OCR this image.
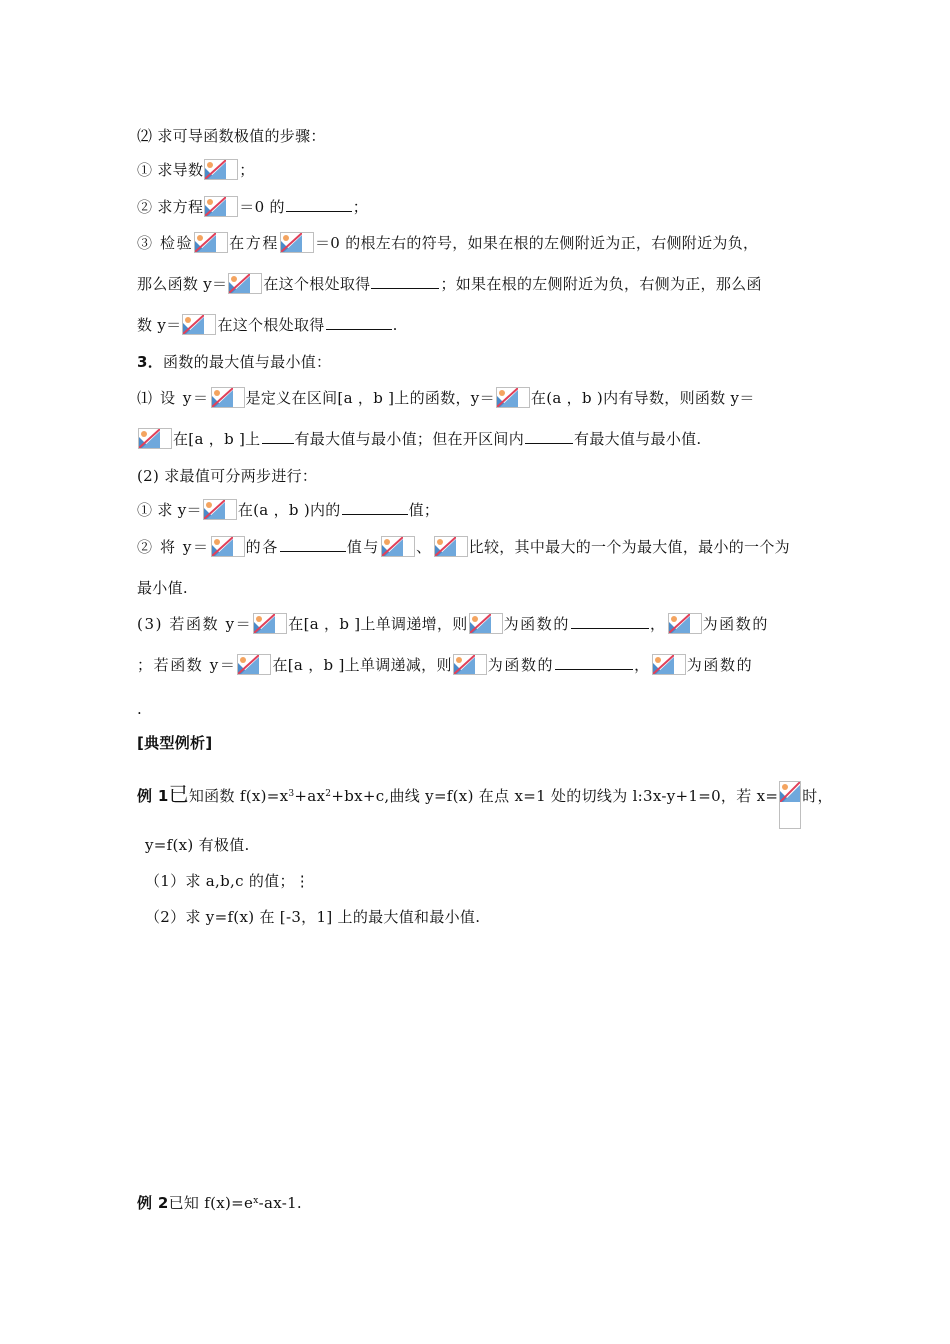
⑵ 求可导函数极值的步骤：
① 求导数 ；
② 求方程 ＝0 的	；
③ 检验 在方程 ＝0 的根左右的符号，如果在根的左侧附近为正，右侧附近为负，
那么函数 y＝ 在这个根处取得	；如果在根的左侧附近为负，右侧为正，那么函
数 y＝ 在这个根处取得	.
3．函数的最大值与最小值：
⑴ 设 y＝ 是定义在区间[a ，b ]上的函数，y＝ 在(a ，b )内有导数，则函数 y＝
在[a ，b ]上 有最大值与最小值；但在开区间内	有最大值与最小值.
(2) 求最值可分两步进行：
① 求 y＝ 在(a ，b )内的	值；
② 将 y＝ 的各	值与 、 比较，其中最大的一个为最大值，最小的一个为
最小值.
(3) 若函数 y＝ 在[a ，b ]上单调递增，则 为函数的	， 为函数的
；若函数 y＝ 在[a ，b ]上单调递减，则 为函数的	， 为函数的
.
[典型例析]
例 1已知函数 $f(x)=x^3+ax^2+bx+c$,曲线 y=f(x) 在点 x=1 处的切线为 l:3x-y+1=0，若 x= 时，
y=f(x) 有极值.
（1）求 a,b,c 的值；⋮
（2）求 y=f(x) 在 [-3，1] 上的最大值和最小值.
例 2已知 $f(x)=e^x-ax-1$.
